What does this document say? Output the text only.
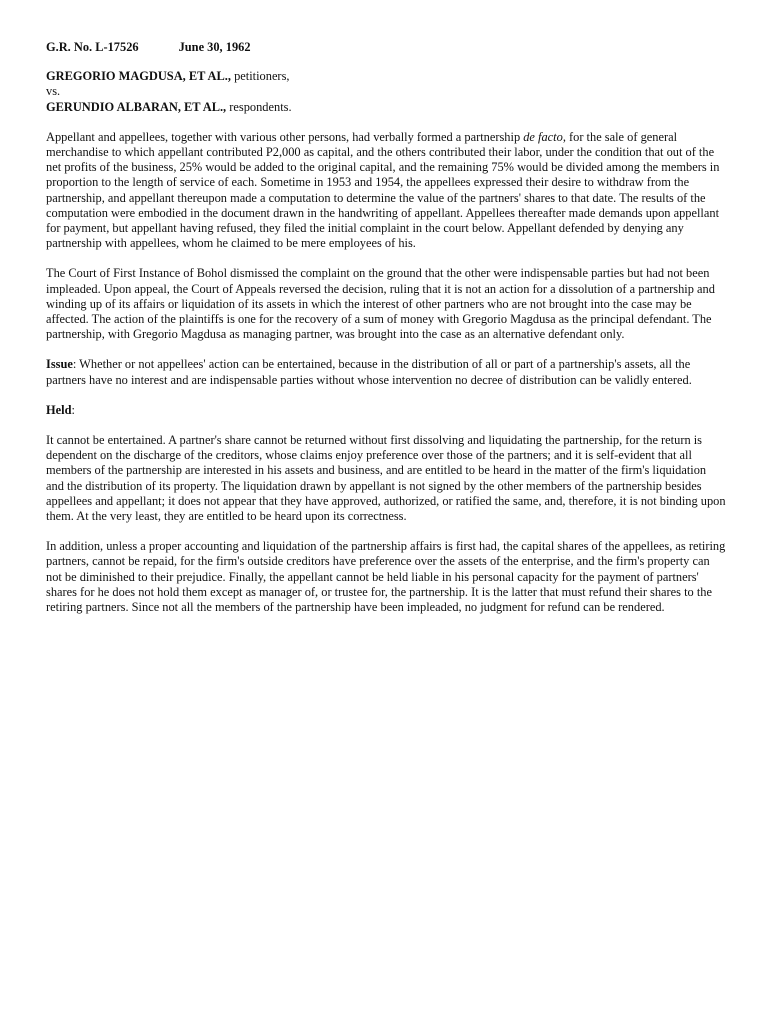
G.R. No. L-17526	June 30, 1962
GREGORIO MAGDUSA, ET AL., petitioners,
vs.
GERUNDIO ALBARAN, ET AL., respondents.

Appellant and appellees, together with various other persons, had verbally formed a partnership de facto, for the sale of general merchandise to which appellant contributed P2,000 as capital, and the others contributed their labor, under the condition that out of the net profits of the business, 25% would be added to the original capital, and the remaining 75% would be divided among the members in proportion to the length of service of each. Sometime in 1953 and 1954, the appellees expressed their desire to withdraw from the partnership, and appellant thereupon made a computation to determine the value of the partners' shares to that date. The results of the computation were embodied in the document drawn in the handwriting of appellant. Appellees thereafter made demands upon appellant for payment, but appellant having refused, they filed the initial complaint in the court below. Appellant defended by denying any partnership with appellees, whom he claimed to be mere employees of his.

The Court of First Instance of Bohol dismissed the complaint on the ground that the other were indispensable parties but had not been impleaded. Upon appeal, the Court of Appeals reversed the decision, ruling that it is not an action for a dissolution of a partnership and winding up of its affairs or liquidation of its assets in which the interest of other partners who are not brought into the case may be affected. The action of the plaintiffs is one for the recovery of a sum of money with Gregorio Magdusa as the principal defendant. The partnership, with Gregorio Magdusa as managing partner, was brought into the case as an alternative defendant only.

Issue: Whether or not appellees' action can be entertained, because in the distribution of all or part of a partnership's assets, all the partners have no interest and are indispensable parties without whose intervention no decree of distribution can be validly entered.

Held:

It cannot be entertained. A partner's share cannot be returned without first dissolving and liquidating the partnership, for the return is dependent on the discharge of the creditors, whose claims enjoy preference over those of the partners; and it is self-evident that all members of the partnership are interested in his assets and business, and are entitled to be heard in the matter of the firm's liquidation and the distribution of its property. The liquidation drawn by appellant is not signed by the other members of the partnership besides appellees and appellant; it does not appear that they have approved, authorized, or ratified the same, and, therefore, it is not binding upon them. At the very least, they are entitled to be heard upon its correctness.

In addition, unless a proper accounting and liquidation of the partnership affairs is first had, the capital shares of the appellees, as retiring partners, cannot be repaid, for the firm's outside creditors have preference over the assets of the enterprise, and the firm's property can not be diminished to their prejudice. Finally, the appellant cannot be held liable in his personal capacity for the payment of partners' shares for he does not hold them except as manager of, or trustee for, the partnership. It is the latter that must refund their shares to the retiring partners. Since not all the members of the partnership have been impleaded, no judgment for refund can be rendered.
